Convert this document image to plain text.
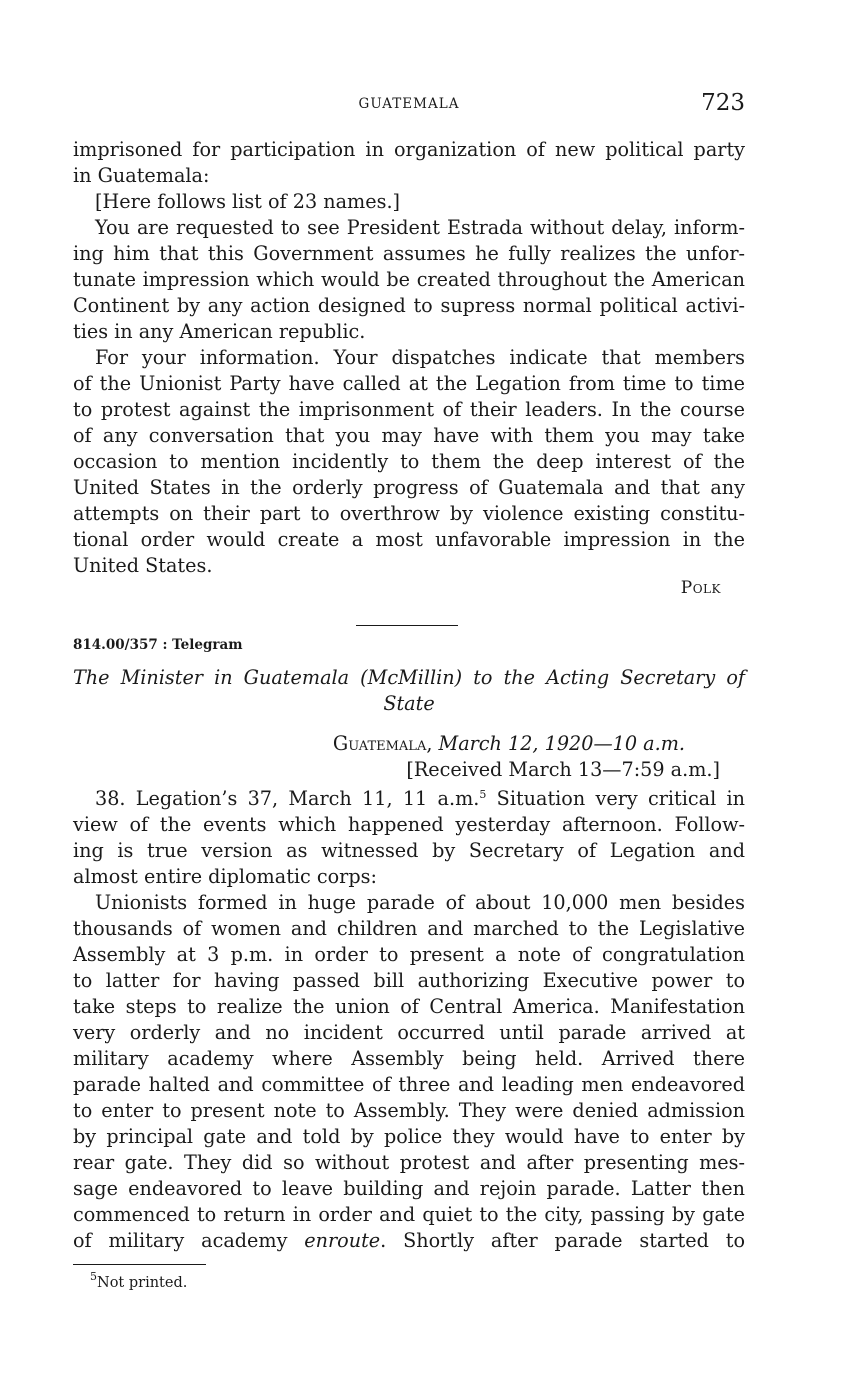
GUATEMALA	723
imprisoned for participation in organization of new political party
in Guatemala:
[Here follows list of 23 names.]
You are requested to see President Estrada without delay, inform-
ing him that this Government assumes he fully realizes the unfor-
tunate impression which would be created throughout the American
Continent by any action designed to supress normal political activi-
ties in any American republic.
For your information. Your dispatches indicate that members
of the Unionist Party have called at the Legation from time to time
to protest against the imprisonment of their leaders. In the course
of any conversation that you may have with them you may take
occasion to mention incidently to them the deep interest of the
United States in the orderly progress of Guatemala and that any
attempts on their part to overthrow by violence existing constitu-
tional order would create a most unfavorable impression in the
United States.
Polk
814.00/357 : Telegram
The Minister in Guatemala (McMillin) to the Acting Secretary of
State
Guatemala, March 12, 1920—10 a.m.
[Received March 13—7:59 a.m.]
38. Legation’s 37, March 11, 11 a.m.$^5$ Situation very critical in
view of the events which happened yesterday afternoon. Follow-
ing is true version as witnessed by Secretary of Legation and
almost entire diplomatic corps:
Unionists formed in huge parade of about 10,000 men besides
thousands of women and children and marched to the Legislative
Assembly at 3 p.m. in order to present a note of congratulation
to latter for having passed bill authorizing Executive power to
take steps to realize the union of Central America. Manifestation
very orderly and no incident occurred until parade arrived at
military academy where Assembly being held. Arrived there
parade halted and committee of three and leading men endeavored
to enter to present note to Assembly. They were denied admission
by principal gate and told by police they would have to enter by
rear gate. They did so without protest and after presenting mes-
sage endeavored to leave building and rejoin parade. Latter then
commenced to return in order and quiet to the city, passing by gate
of military academy enroute. Shortly after parade started to
$^5$Not printed.
